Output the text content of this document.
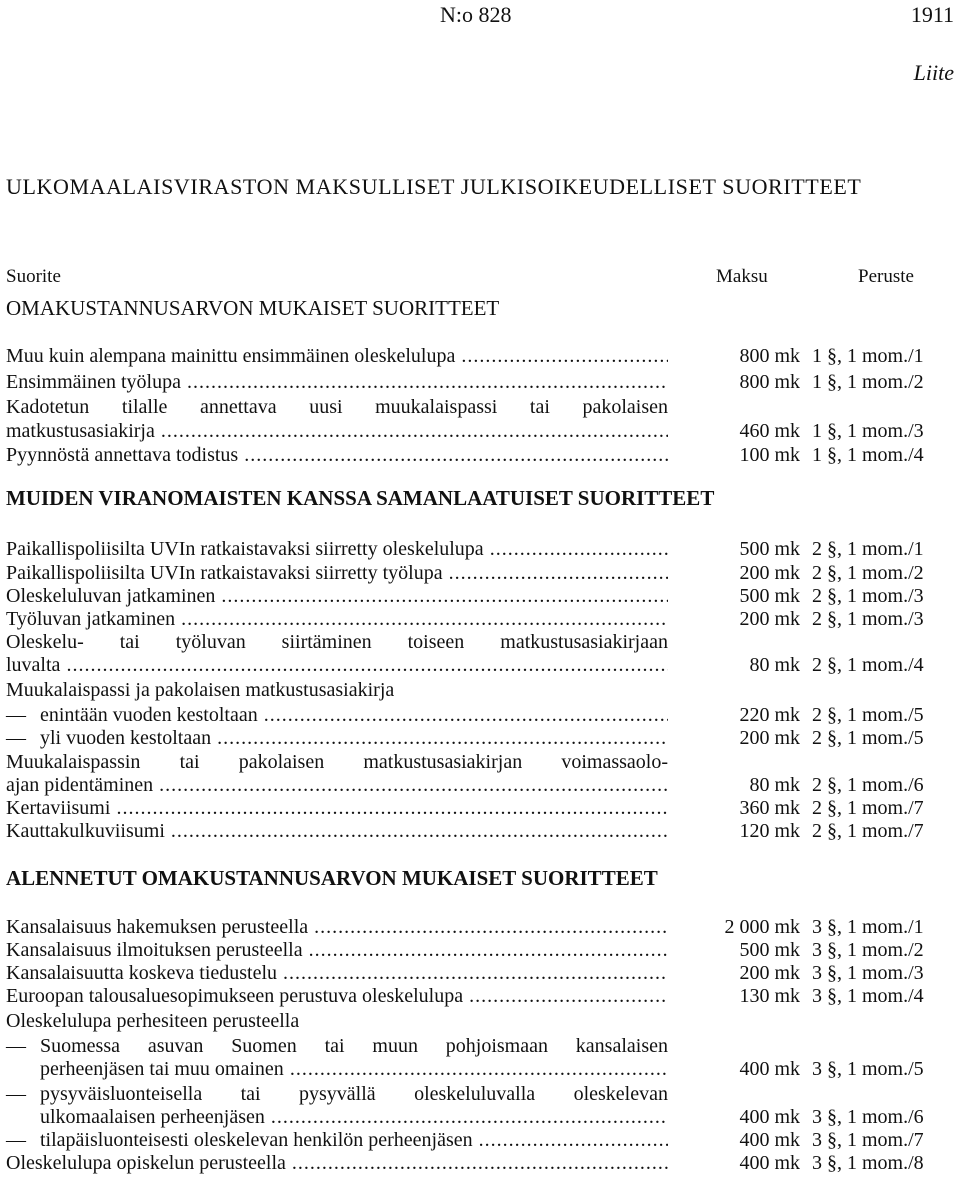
N:o 828	1911
Liite
ULKOMAALAISVIRASTON MAKSULLISET JULKISOIKEUDELLISET SUORITTEET
Suorite	Maksu	Peruste
OMAKUSTANNUSARVON MUKAISET SUORITTEET
Muu kuin alempana mainittu ensimmäinen oleskelulupa .....	800 mk 1 §, 1 mom./1
Ensimmäinen työlupa .....	800 mk 1 §, 1 mom./2
Kadotetun tilalle annettava uusi muukalaispassi tai pakolaisen
matkustusasiakirja .....	460 mk 1 §, 1 mom./3
Pyynnöstä annettava todistus .....	100 mk 1 §, 1 mom./4
MUIDEN VIRANOMAISTEN KANSSA SAMANLAATUISET SUORITTEET
Paikallispoliisilta UVIn ratkaistavaksi siirretty oleskelulupa .....	500 mk 2 §, 1 mom./1
Paikallispoliisilta UVIn ratkaistavaksi siirretty työlupa .....	200 mk 2 §, 1 mom./2
Oleskeluluvan jatkaminen .....	500 mk 2 §, 1 mom./3
Työluvan jatkaminen .....	200 mk 2 §, 1 mom./3
Oleskelu- tai työluvan siirtäminen toiseen matkustusasiakirjaan
luvalta .....	80 mk 2 §, 1 mom./4
Muukalaispassi ja pakolaisen matkustusasiakirja
— enintään vuoden kestoltaan .....	220 mk 2 §, 1 mom./5
— yli vuoden kestoltaan .....	200 mk 2 §, 1 mom./5
Muukalaispassin tai pakolaisen matkustusasiakirjan voimassaolo-
ajan pidentäminen .....	80 mk 2 §, 1 mom./6
Kertaviisumi .....	360 mk 2 §, 1 mom./7
Kauttakulkuviisumi .....	120 mk 2 §, 1 mom./7
ALENNETUT OMAKUSTANNUSARVON MUKAISET SUORITTEET
Kansalaisuus hakemuksen perusteella .....	2 000 mk 3 §, 1 mom./1
Kansalaisuus ilmoituksen perusteella .....	500 mk 3 §, 1 mom./2
Kansalaisuutta koskeva tiedustelu .....	200 mk 3 §, 1 mom./3
Euroopan talousaluesopimukseen perustuva oleskelulupa .....	130 mk 3 §, 1 mom./4
Oleskelulupa perhesiteen perusteella
— Suomessa asuvan Suomen tai muun pohjoismaan kansalaisen
perheenjäsen tai muu omainen .....	400 mk 3 §, 1 mom./5
— pysyväisluonteisella tai pysyvällä oleskeluluvalla oleskelevan
ulkomaalaisen perheenjäsen .....	400 mk 3 §, 1 mom./6
— tilapäisluonteisesti oleskelevan henkilön perheenjäsen .....	400 mk 3 §, 1 mom./7
Oleskelulupa opiskelun perusteella .....	400 mk 3 §, 1 mom./8
